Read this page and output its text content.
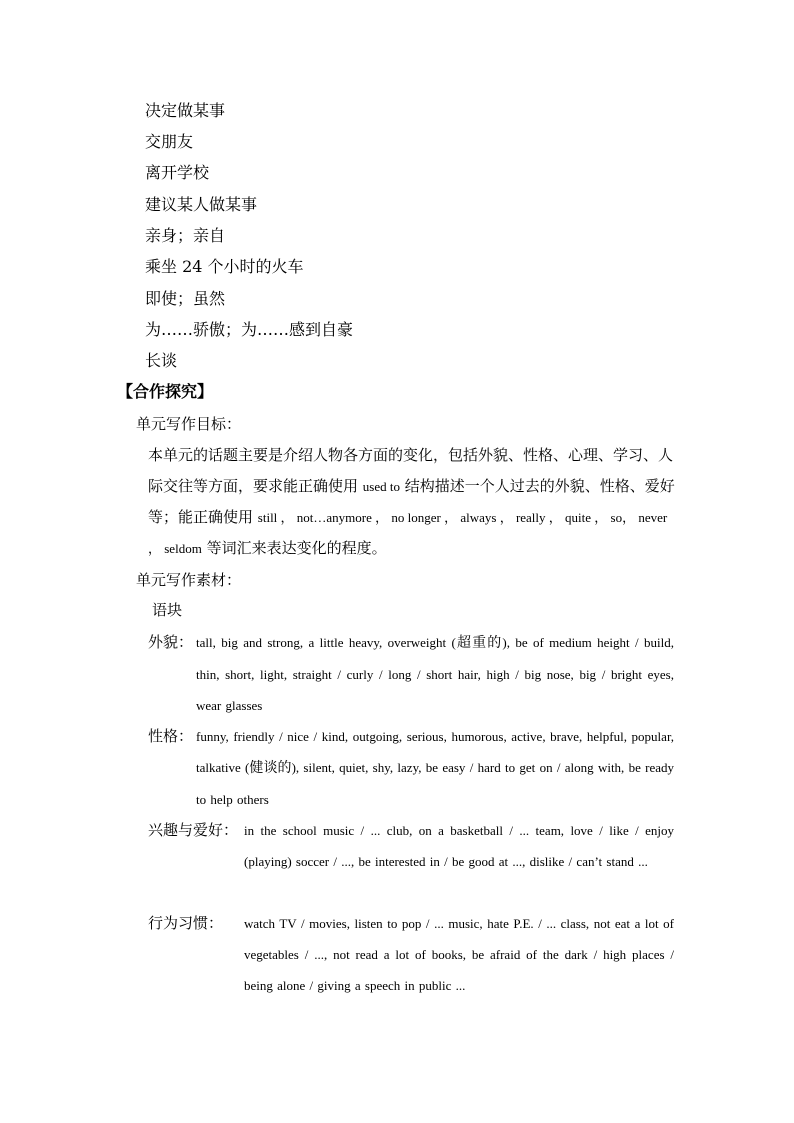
决定做某事
交朋友
离开学校
建议某人做某事
亲身；亲自
乘坐 24 个小时的火车
即使；虽然
为……骄傲；为……感到自豪
长谈
【合作探究】
单元写作目标：
本单元的话题主要是介绍人物各方面的变化，包括外貌、性格、心理、学习、人际交往等方面，要求能正确使用 used to 结构描述一个人过去的外貌、性格、爱好等；能正确使用 still ， not…anymore ， no longer ， always ， really ， quite ， so， never ， seldom 等词汇来表达变化的程度。
单元写作素材：
语块
外貌： tall, big and strong, a little heavy, overweight (超重的), be of medium height / build, thin, short, light, straight / curly / long / short hair, high / big nose, big / bright eyes, wear glasses
性格： funny, friendly / nice / kind, outgoing, serious, humorous, active, brave, helpful, popular, talkative (健谈的), silent, quiet, shy, lazy, be easy / hard to get on / along with, be ready to help others
兴趣与爱好： in the school music / ... club, on a basketball / ... team, love / like / enjoy (playing) soccer / ..., be interested in / be good at ..., dislike / can’t stand ...
行为习惯： watch TV / movies, listen to pop / ... music, hate P.E. / ... class, not eat a lot of vegetables / ..., not read a lot of books, be afraid of the dark / high places / being alone / giving a speech in public ...
